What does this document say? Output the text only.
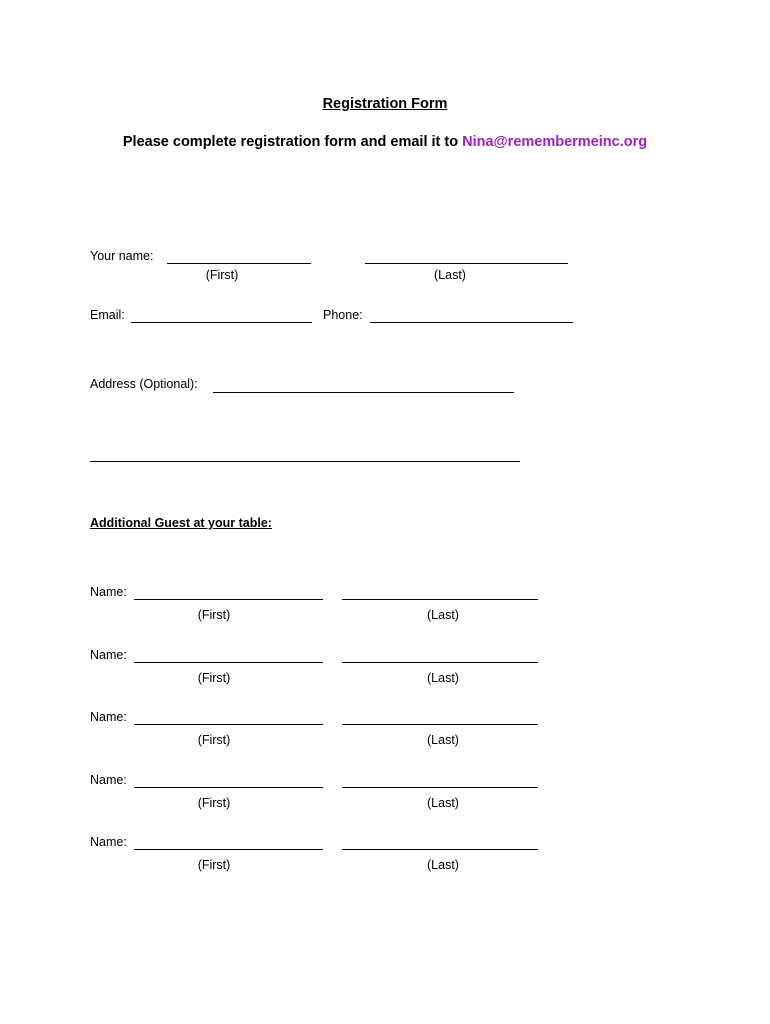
Registration Form
Please complete registration form and email it to Nina@remembermeinc.org
Your name:
(First)	(Last)
Email:	Phone:
Address (Optional):
Additional Guest at your table:
Name:
(First)	(Last)
Name:
(First)	(Last)
Name:
(First)	(Last)
Name:
(First)	(Last)
Name:
(First)	(Last)
